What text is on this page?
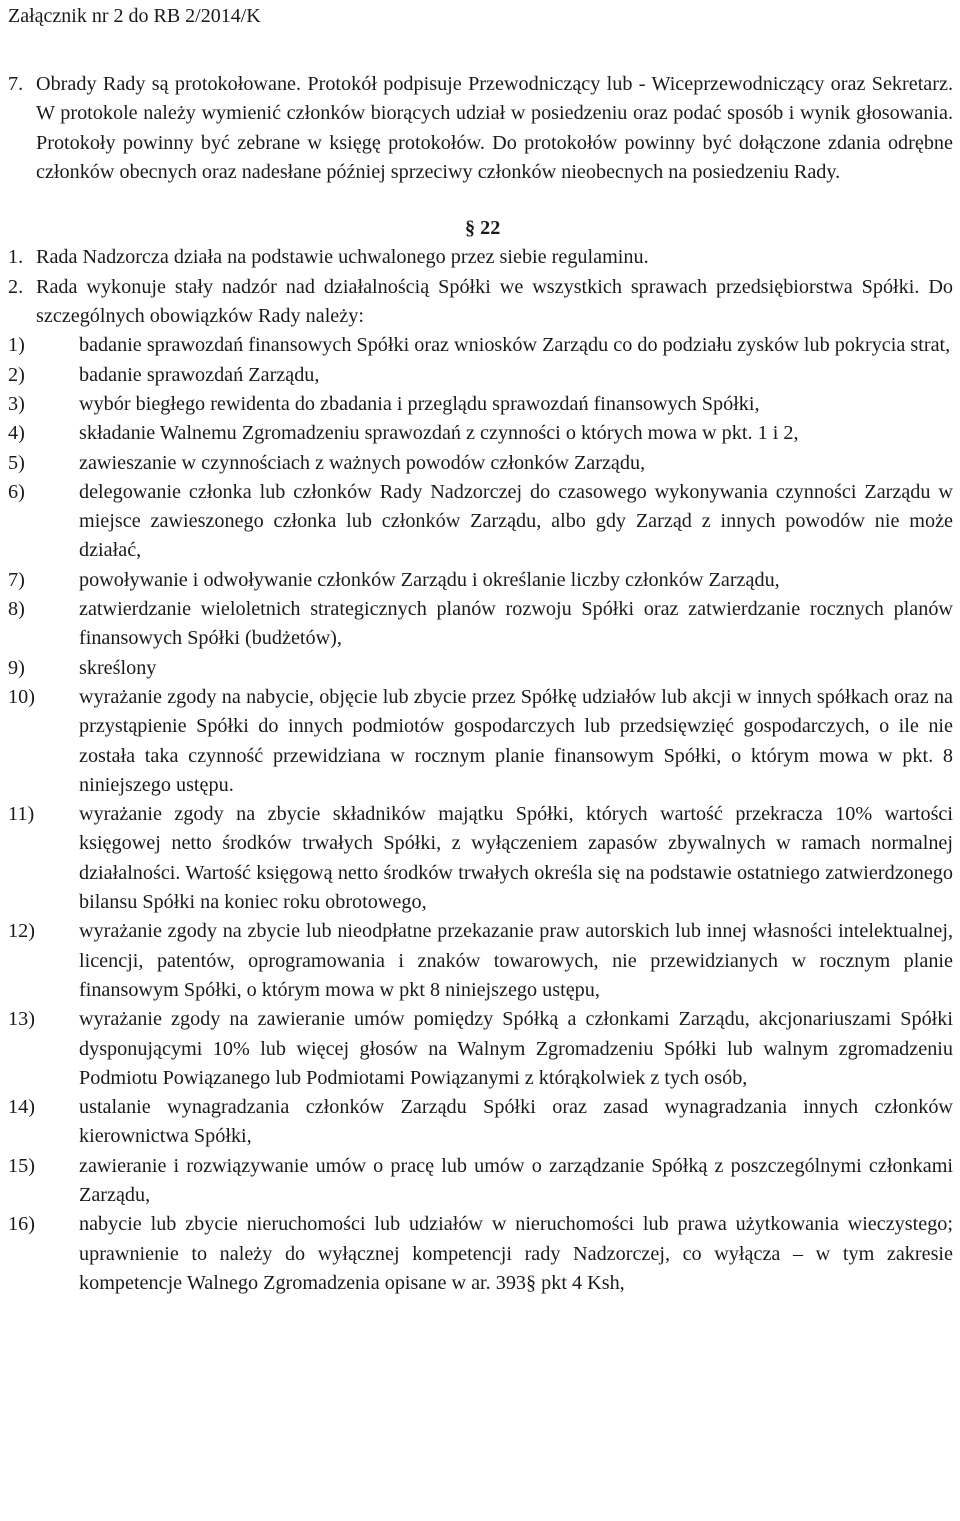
Załącznik nr 2 do RB 2/2014/K

7. Obrady Rady są protokołowane. Protokół podpisuje Przewodniczący lub - Wiceprzewodniczący oraz Sekretarz. W protokole należy wymienić członków biorących udział w posiedzeniu oraz podać sposób i wynik głosowania. Protokoły powinny być zebrane w księgę protokołów. Do protokołów powinny być dołączone zdania odrębne członków obecnych oraz nadesłane później sprzeciwy członków nieobecnych na posiedzeniu Rady.

§ 22

1. Rada Nadzorcza działa na podstawie uchwalonego przez siebie regulaminu.

2. Rada wykonuje stały nadzór nad działalnością Spółki we wszystkich sprawach przedsiębiorstwa Spółki. Do szczególnych obowiązków Rady należy:

1)	badanie sprawozdań finansowych Spółki oraz wniosków Zarządu co do podziału zysków lub pokrycia strat,
2)	badanie sprawozdań Zarządu,
3)	wybór biegłego rewidenta do zbadania i przeglądu sprawozdań finansowych Spółki,
4)	składanie Walnemu Zgromadzeniu sprawozdań z czynności o których mowa w pkt. 1 i 2,
5)	zawieszanie w czynnościach z ważnych powodów członków Zarządu,
6)	delegowanie członka lub członków Rady Nadzorczej do czasowego wykonywania czynności Zarządu w miejsce zawieszonego członka lub członków Zarządu, albo gdy Zarząd z innych powodów nie może działać,
7)	powoływanie i odwoływanie członków Zarządu i określanie liczby członków Zarządu,
8)	zatwierdzanie wieloletnich strategicznych planów rozwoju Spółki oraz zatwierdzanie rocznych planów finansowych Spółki (budżetów),
9)	skreślony
10) wyrażanie zgody na nabycie, objęcie lub zbycie przez Spółkę udziałów lub akcji w innych spółkach oraz na przystąpienie Spółki do innych podmiotów gospodarczych lub przedsięwzięć gospodarczych, o ile nie została taka czynność przewidziana w rocznym planie finansowym Spółki, o którym mowa w pkt. 8 niniejszego ustępu.
11) wyrażanie zgody na zbycie składników majątku Spółki, których wartość przekracza 10% wartości księgowej netto środków trwałych Spółki, z wyłączeniem zapasów zbywalnych w ramach normalnej działalności. Wartość księgową netto środków trwałych określa się na podstawie ostatniego zatwierdzonego bilansu Spółki na koniec roku obrotowego,
12) wyrażanie zgody na zbycie lub nieodpłatne przekazanie praw autorskich lub innej własności intelektualnej, licencji, patentów, oprogramowania i znaków towarowych, nie przewidzianych w rocznym planie finansowym Spółki, o którym mowa w pkt 8 niniejszego ustępu,
13) wyrażanie zgody na zawieranie umów pomiędzy Spółką a członkami Zarządu, akcjonariuszami Spółki dysponującymi 10% lub więcej głosów na Walnym Zgromadzeniu Spółki lub walnym zgromadzeniu Podmiotu Powiązanego lub Podmiotami Powiązanymi z którąkolwiek z tych osób,
14) ustalanie wynagradzania członków Zarządu Spółki oraz zasad wynagradzania innych członków kierownictwa Spółki,
15) zawieranie i rozwiązywanie umów o pracę lub umów o zarządzanie Spółką z poszczególnymi członkami Zarządu,
16) nabycie lub zbycie nieruchomości lub udziałów w nieruchomości lub prawa użytkowania wieczystego; uprawnienie to należy do wyłącznej kompetencji rady Nadzorczej, co wyłącza – w tym zakresie kompetencje Walnego Zgromadzenia opisane w ar. 393§ pkt 4 Ksh,
